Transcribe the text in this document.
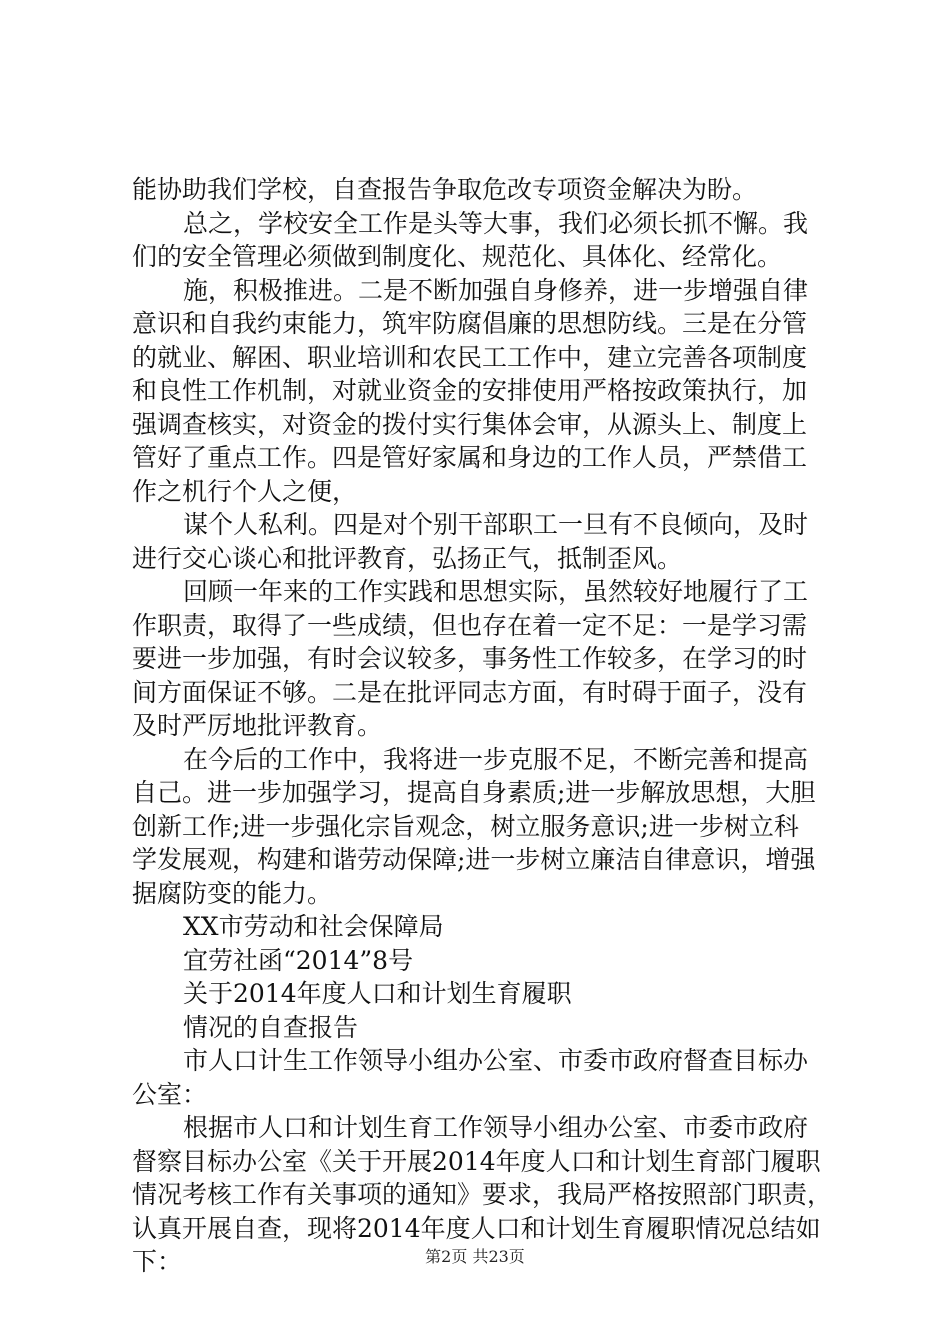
能协助我们学校，自查报告争取危改专项资金解决为盼。
总之，学校安全工作是头等大事，我们必须长抓不懈。我
们的安全管理必须做到制度化、规范化、具体化、经常化。
施，积极推进。二是不断加强自身修养，进一步增强自律
意识和自我约束能力，筑牢防腐倡廉的思想防线。三是在分管
的就业、解困、职业培训和农民工工作中，建立完善各项制度
和良性工作机制，对就业资金的安排使用严格按政策执行，加
强调查核实，对资金的拨付实行集体会审，从源头上、制度上
管好了重点工作。四是管好家属和身边的工作人员，严禁借工
作之机行个人之便，
谋个人私利。四是对个别干部职工一旦有不良倾向，及时
进行交心谈心和批评教育，弘扬正气，抵制歪风。
回顾一年来的工作实践和思想实际，虽然较好地履行了工
作职责，取得了一些成绩，但也存在着一定不足：一是学习需
要进一步加强，有时会议较多，事务性工作较多，在学习的时
间方面保证不够。二是在批评同志方面，有时碍于面子，没有
及时严厉地批评教育。
在今后的工作中，我将进一步克服不足，不断完善和提高
自己。进一步加强学习，提高自身素质;进一步解放思想，大胆
创新工作;进一步强化宗旨观念，树立服务意识;进一步树立科
学发展观，构建和谐劳动保障;进一步树立廉洁自律意识，增强
据腐防变的能力。
XX市劳动和社会保障局
宜劳社函“2014”8号
关于2014年度人口和计划生育履职
情况的自查报告
市人口计生工作领导小组办公室、市委市政府督查目标办
公室：
根据市人口和计划生育工作领导小组办公室、市委市政府
督察目标办公室《关于开展2014年度人口和计划生育部门履职
情况考核工作有关事项的通知》要求，我局严格按照部门职责，
认真开展自查，现将2014年度人口和计划生育履职情况总结如
下：	第2页 共23页
